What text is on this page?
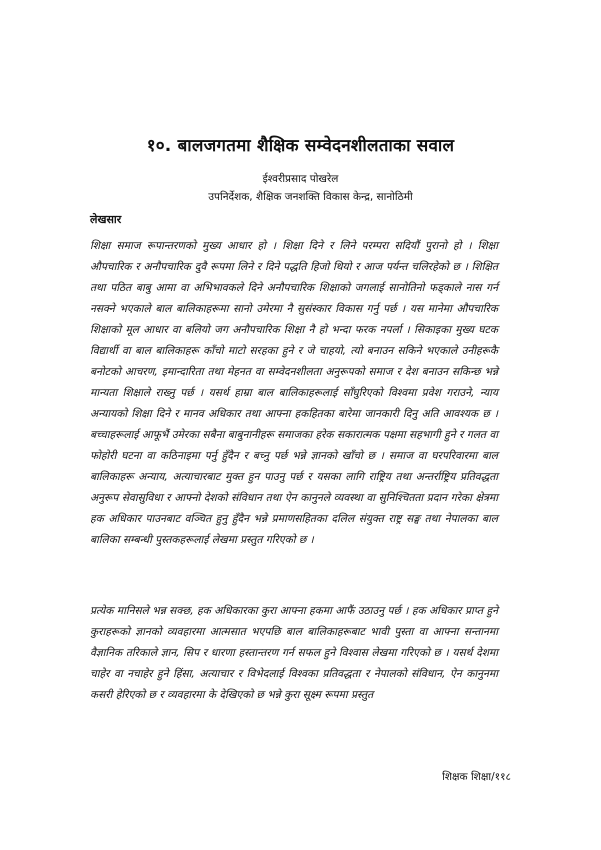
१०. बालजगतमा शैक्षिक सम्वेदनशीलताका सवाल
ईश्वरीप्रसाद पोखरेल
उपनिर्देशक, शैक्षिक जनशक्ति विकास केन्द्र, सानोठिमी
लेखसार
शिक्षा समाज रूपान्तरणको मुख्य आधार हो । शिक्षा दिने र लिने परम्परा सदियौं पुरानो हो । शिक्षा औपचारिक र अनौपचारिक दुवै रूपमा लिने र दिने पद्धति हिजो थियो र आज पर्यन्त चलिरहेको छ । शिक्षित तथा पठित बाबु आमा वा अभिभावकले दिने अनौपचारिक शिक्षाको जगलाई सानोतिनो फड्काले नास गर्न नसक्ने भएकाले बाल बालिकाहरूमा सानो उमेरमा नै सुसंस्कार विकास गर्नु पर्छ । यस मानेमा औपचारिक शिक्षाको मूल आधार वा बलियो जग अनौपचारिक शिक्षा नै हो भन्दा फरक नपर्ला । सिकाइका मुख्य घटक विद्यार्थी वा बाल बालिकाहरू काँचो माटो सरहका हुने र जे चाहयो, त्यो बनाउन सकिने भएकाले उनीहरूकै बनोटको आचरण, इमान्दारिता तथा मेहनत वा सम्वेदनशीलता अनुरूपको समाज र देश बनाउन सकिन्छ भन्ने मान्यता शिक्षाले राख्नु पर्छ । यसर्थ हाम्रा बाल बालिकाहरूलाई साँघुरिएको विश्वमा प्रवेश गराउने, न्याय अन्यायको शिक्षा दिने र मानव अधिकार तथा आफ्ना हकहितका बारेमा जानकारी दिनु अति आवश्यक छ । बच्चाहरूलाई आफूभैं उमेरका सबैना बाबुनानीहरू समाजका हरेक सकारात्मक पक्षमा सहभागी हुने र गलत वा फोहोरी घटना वा कठिनाइमा पर्नु हुँदैन र बच्नु पर्छ भन्ने ज्ञानको खाँचो छ । समाज वा घरपरिवारमा बाल बालिकाहरू अन्याय, अत्याचारबाट मुक्त हुन पाउनु पर्छ र यसका लागि राष्ट्रिय तथा अन्तर्राष्ट्रिय प्रतिवद्धता अनुरूप सेवासुविधा र आफ्नो देशको संविधान तथा ऐन कानुनले व्यवस्था वा सुनिश्चितता प्रदान गरेका क्षेत्रमा हक अधिकार पाउनबाट वञ्चित हुनु हुँदैन भन्ने प्रमाणसहितका दलिल संयुक्त राष्ट्र सङ्घ तथा नेपालका बाल बालिका सम्बन्धी पुस्तकहरूलाई लेखमा प्रस्तुत गरिएको छ ।
प्रत्येक मानिसले भन्न सक्छ, हक अधिकारका कुरा आफ्ना हकमा आफैं उठाउनु पर्छ । हक अधिकार प्राप्त हुने कुराहरूको ज्ञानको व्यवहारमा आत्मसात भएपछि बाल बालिकाहरूबाट भावी पुस्ता वा आफ्ना सन्तानमा वैज्ञानिक तरिकाले ज्ञान, सिप र धारणा हस्तान्तरण गर्न सफल हुने विश्वास लेखमा गरिएको छ । यसर्थ देशमा चाहेर वा नचाहेर हुने हिंसा, अत्याचार र विभेदलाई विश्वका प्रतिवद्धता र नेपालको संविधान, ऐन कानुनमा कसरी हेरिएको छ र व्यवहारमा के देखिएको छ भन्ने कुरा सूक्ष्म रूपमा प्रस्तुत
शिक्षक शिक्षा/११८
